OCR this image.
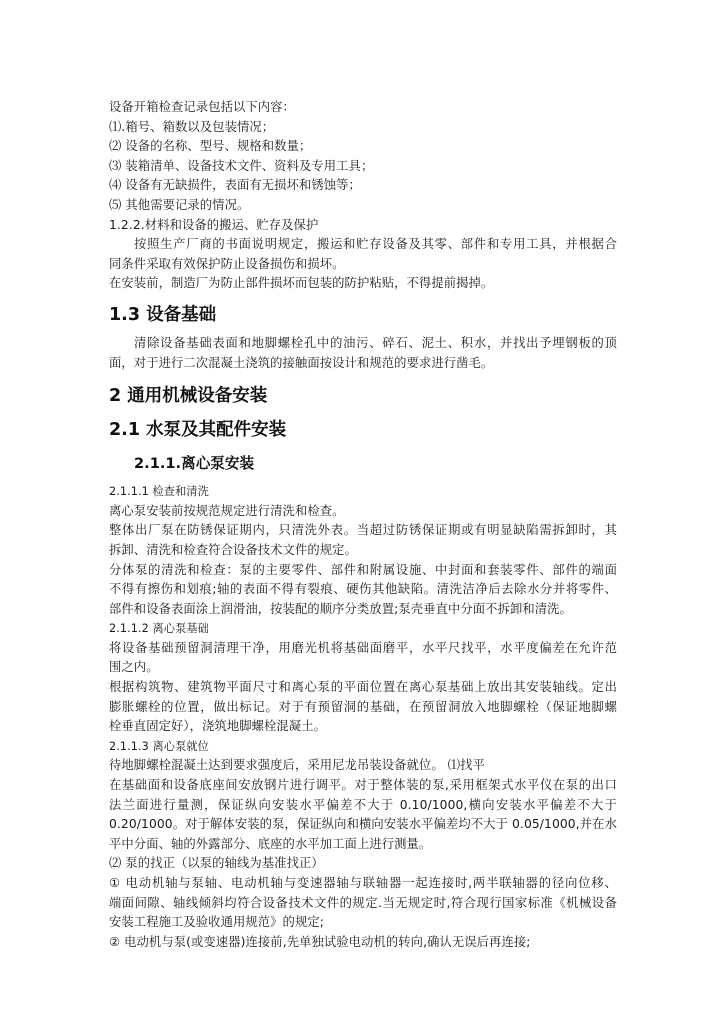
设备开箱检查记录包括以下内容：

⑴.箱号、箱数以及包装情况；

⑵ 设备的名称、型号、规格和数量；

⑶ 装箱清单、设备技术文件、资料及专用工具；

⑷ 设备有无缺损件，表面有无损坏和锈蚀等；

⑸ 其他需要记录的情况。

1.2.2.材料和设备的搬运、贮存及保护

按照生产厂商的书面说明规定，搬运和贮存设备及其零、部件和专用工具，并根据合

同条件采取有效保护防止设备损伤和损坏。

在安装前，制造厂为防止部件损坏而包装的防护粘贴，不得提前揭掉。

1.3 设备基础

清除设备基础表面和地脚螺栓孔中的油污、碎石、泥土、积水，并找出予埋钢板的顶

面，对于进行二次混凝土浇筑的接触面按设计和规范的要求进行凿毛。

2 通用机械设备安装
2.1 水泵及其配件安装
2.1.1.离心泵安装

2.1.1.1 检查和清洗

离心泵安装前按规范规定进行清洗和检查。

整体出厂泵在防锈保证期内，只清洗外表。当超过防锈保证期或有明显缺陷需拆卸时，其

拆卸、清洗和检查符合设备技术文件的规定。

分体泵的清洗和检查：泵的主要零件、部件和附属设施、中封面和套装零件、部件的端面

不得有擦伤和划痕;轴的表面不得有裂痕、硬伤其他缺陷。清洗洁净后去除水分并将零件、

部件和设备表面涂上润滑油，按装配的顺序分类放置;泵壳垂直中分面不拆卸和清洗。

2.1.1.2 离心泵基础

将设备基础预留洞清理干净，用磨光机将基础面磨平，水平尺找平，水平度偏差在允许范

围之内。

根据构筑物、建筑物平面尺寸和离心泵的平面位置在离心泵基础上放出其安装轴线。定出

膨胀螺栓的位置，做出标记。对于有预留洞的基础，在预留洞放入地脚螺栓（保证地脚螺

栓垂直固定好），浇筑地脚螺栓混凝土。

2.1.1.3 离心泵就位

待地脚螺栓混凝土达到要求强度后，采用尼龙吊装设备就位。 ⑴找平

在基础面和设备底座间安放钢片进行调平。对于整体装的泵,采用框架式水平仪在泵的出口

法兰面进行量测，保证纵向安装水平偏差不大于 0.10/1000,横向安装水平偏差不大于

0.20/1000。对于解体安装的泵，保证纵向和横向安装水平偏差均不大于 0.05/1000,并在水

平中分面、轴的外露部分、底座的水平加工面上进行测量。

⑵ 泵的找正（以泵的轴线为基准找正）

① 电动机轴与泵轴、电动机轴与变速器轴与联轴器一起连接时,两半联轴器的径向位移、

端面间隙、轴线倾斜均符合设备技术文件的规定.当无规定时,符合现行国家标准《机械设备

安装工程施工及验收通用规范》的规定;

② 电动机与泵(或变速器)连接前,先单独试验电动机的转向,确认无误后再连接;
